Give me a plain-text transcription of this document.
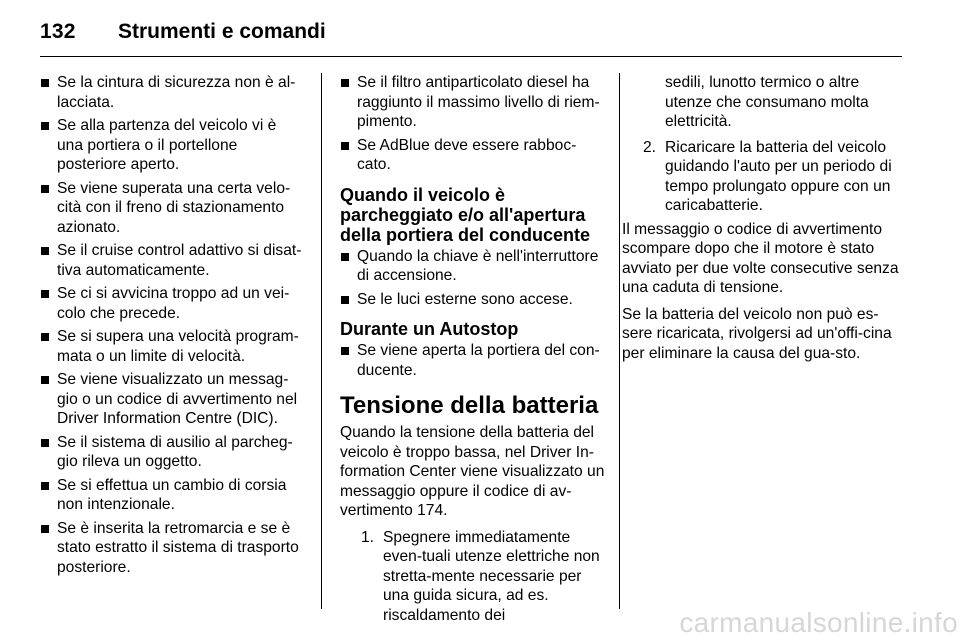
132 Strumenti e comandi
Se la cintura di sicurezza non è al-lacciata.
Se alla partenza del veicolo vi è una portiera o il portellone posteriore aperto.
Se viene superata una certa velo-cità con il freno di stazionamento azionato.
Se il cruise control adattivo si disat-tiva automaticamente.
Se ci si avvicina troppo ad un vei-colo che precede.
Se si supera una velocità program-mata o un limite di velocità.
Se viene visualizzato un messag-gio o un codice di avvertimento nel Driver Information Centre (DIC).
Se il sistema di ausilio al parcheg-gio rileva un oggetto.
Se si effettua un cambio di corsia non intenzionale.
Se è inserita la retromarcia e se è stato estratto il sistema di trasporto posteriore.
Se il filtro antiparticolato diesel ha raggiunto il massimo livello di riem-pimento.
Se AdBlue deve essere rabboc-cato.
Quando il veicolo è parcheggiato e/o all'apertura della portiera del conducente
Quando la chiave è nell'interruttore di accensione.
Se le luci esterne sono accese.
Durante un Autostop
Se viene aperta la portiera del con-ducente.
Tensione della batteria

Quando la tensione della batteria del veicolo è troppo bassa, nel Driver In-formation Center viene visualizzato un messaggio oppure il codice di av-vertimento 174.

1. Spegnere immediatamente even-tuali utenze elettriche non stretta-mente necessarie per una guida sicura, ad es. riscaldamento dei
sedili, lunotto termico o altre utenze che consumano molta elettricità.
2. Ricaricare la batteria del veicolo guidando l'auto per un periodo di tempo prolungato oppure con un caricabatterie.

Il messaggio o codice di avvertimento scompare dopo che il motore è stato avviato per due volte consecutive senza una caduta di tensione.

Se la batteria del veicolo non può es-sere ricaricata, rivolgersi ad un'offi-cina per eliminare la causa del gua-sto.

carmanualsonline.info
